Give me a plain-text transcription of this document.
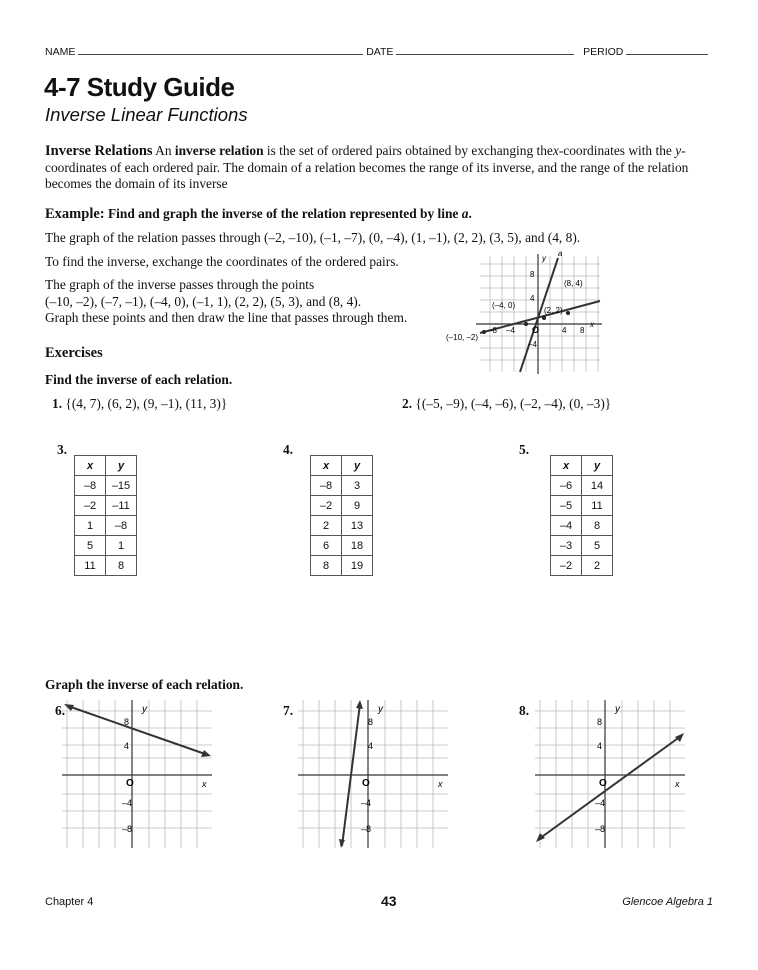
NAME	DATE	PERIOD
4-7 Study Guide
Inverse Linear Functions
Inverse Relations An inverse relation is the set of ordered pairs obtained by exchanging thex-coordinates with the y-coordinates of each ordered pair. The domain of a relation becomes the range of its inverse, and the range of the relation becomes the domain of its inverse
Example: Find and graph the inverse of the relation represented by line a.
The graph of the relation passes through (–2, –10), (–1, –7), (0, –4), (1, –1), (2, 2), (3, 5), and (4, 8).
To find the inverse, exchange the coordinates of the ordered pairs.
The graph of the inverse passes through the points
(–10, –2), (–7, –1), (–4, 0), (–1, 1), (2, 2), (5, 3), and (8, 4).
Graph these points and then draw the line that passes through them.
y
a
8
4
–4
x
O	4 8
–4
–8
(8, 4)
(–4, 0)
(2, 2)
(–10, –2)
Exercises
Find the inverse of each relation.
1. {(4, 7), (6, 2), (9, –1), (11, 3)}	2. {(–5, –9), (–4, –6), (–2, –4), (0, –3)}
3.	4.	5.
x	y
–8	–15
–2	–11
1	–8
5	1
11	8
x	y
–8	3
–2	9
2	13
6	18
8	19
x	y
–6	14
–5	11
–4	8
–3	5
–2	2
Graph the inverse of each relation.
6.	7.	8.
y
8
4
–4
–8
O	x
y
8
4
–4
–8
O	x
y
8
4
–4
–8
O	x
Chapter 4	43	Glencoe Algebra 1
